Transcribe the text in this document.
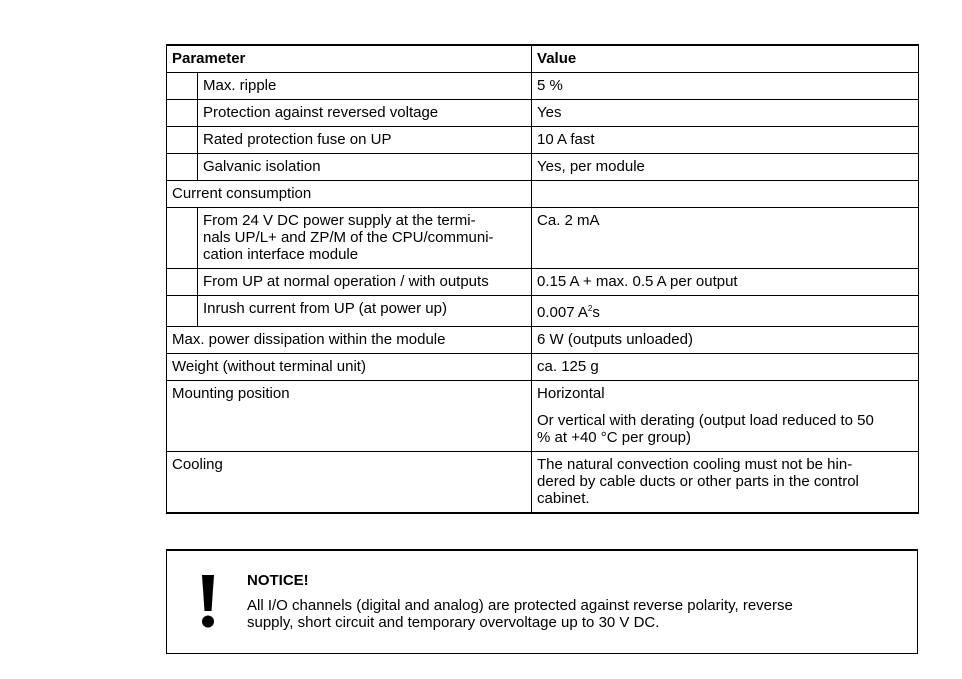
Parameter		Value
	Max. ripple	5 %
	Protection against reversed voltage	Yes
	Rated protection fuse on UP	10 A fast
	Galvanic isolation	Yes, per module
Current consumption		
	From 24 V DC power supply at the termi-
nals UP/L+ and ZP/M of the CPU/communi-
cation interface module	Ca. 2 mA
	From UP at normal operation / with outputs	0.15 A + max. 0.5 A per output
	Inrush current from UP (at power up)	0.007 $A^2s$
Max. power dissipation within the module		6 W (outputs unloaded)
Weight (without terminal unit)		ca. 125 g
Mounting position		Horizontal
Or vertical with derating (output load reduced to 50
% at +40 °C per group)

Cooling		The natural convection cooling must not be hin-
dered by cable ducts or other parts in the control
cabinet.
NOTICE!
All I/O channels (digital and analog) are protected against reverse polarity, reverse
supply, short circuit and temporary overvoltage up to 30 V DC.
